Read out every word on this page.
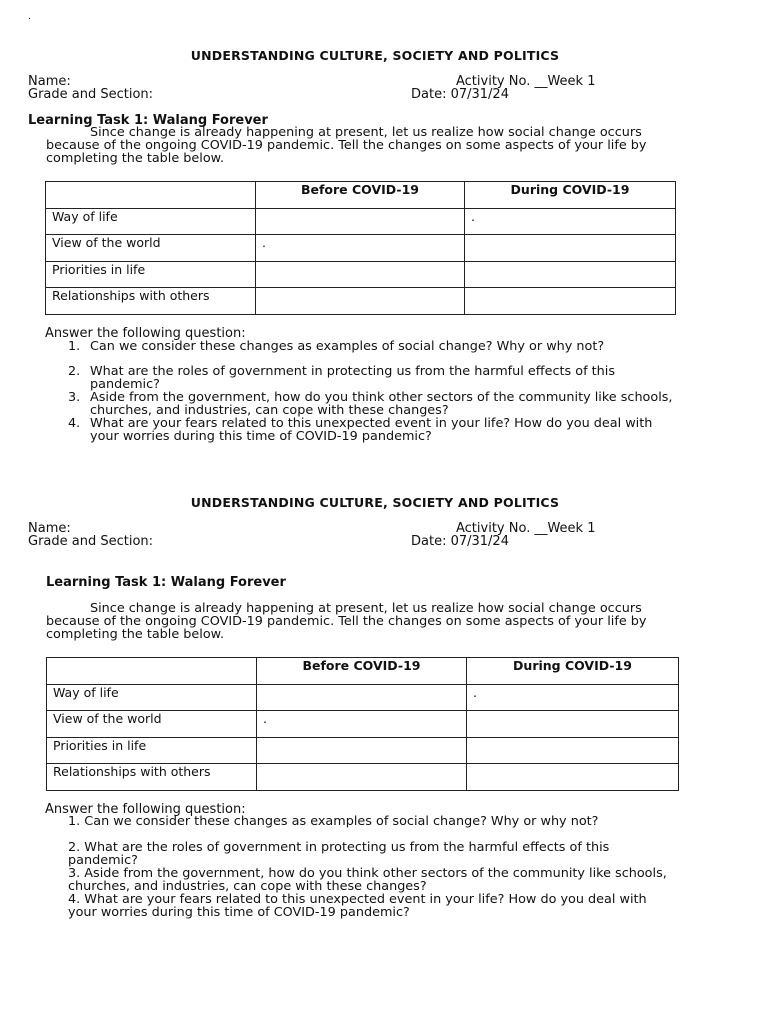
.
UNDERSTANDING CULTURE, SOCIETY AND POLITICS
Name:	Activity No. __Week 1
Grade and Section:	Date: 07/31/24
Learning Task 1: Walang Forever
Since change is already happening at present, let us realize how social change occurs
because of the ongoing COVID-19 pandemic. Tell the changes on some aspects of your life by
completing the table below.
	Before COVID-19	During COVID-19
Way of life		.
View of the world	.	
Priorities in life		
Relationships with others		
Answer the following question:
1. Can we consider these changes as examples of social change? Why or why not?
2. What are the roles of government in protecting us from the harmful effects of this
pandemic?
3. Aside from the government, how do you think other sectors of the community like schools,
churches, and industries, can cope with these changes?
4. What are your fears related to this unexpected event in your life? How do you deal with
your worries during this time of COVID-19 pandemic?
UNDERSTANDING CULTURE, SOCIETY AND POLITICS
Name:	Activity No. __Week 1
Grade and Section:	Date: 07/31/24
Learning Task 1: Walang Forever
Since change is already happening at present, let us realize how social change occurs
because of the ongoing COVID-19 pandemic. Tell the changes on some aspects of your life by
completing the table below.
	Before COVID-19	During COVID-19
Way of life		.
View of the world	.	
Priorities in life		
Relationships with others		
Answer the following question:
1. Can we consider these changes as examples of social change? Why or why not?
2. What are the roles of government in protecting us from the harmful effects of this
pandemic?
3. Aside from the government, how do you think other sectors of the community like schools,
churches, and industries, can cope with these changes?
4. What are your fears related to this unexpected event in your life? How do you deal with
your worries during this time of COVID-19 pandemic?
